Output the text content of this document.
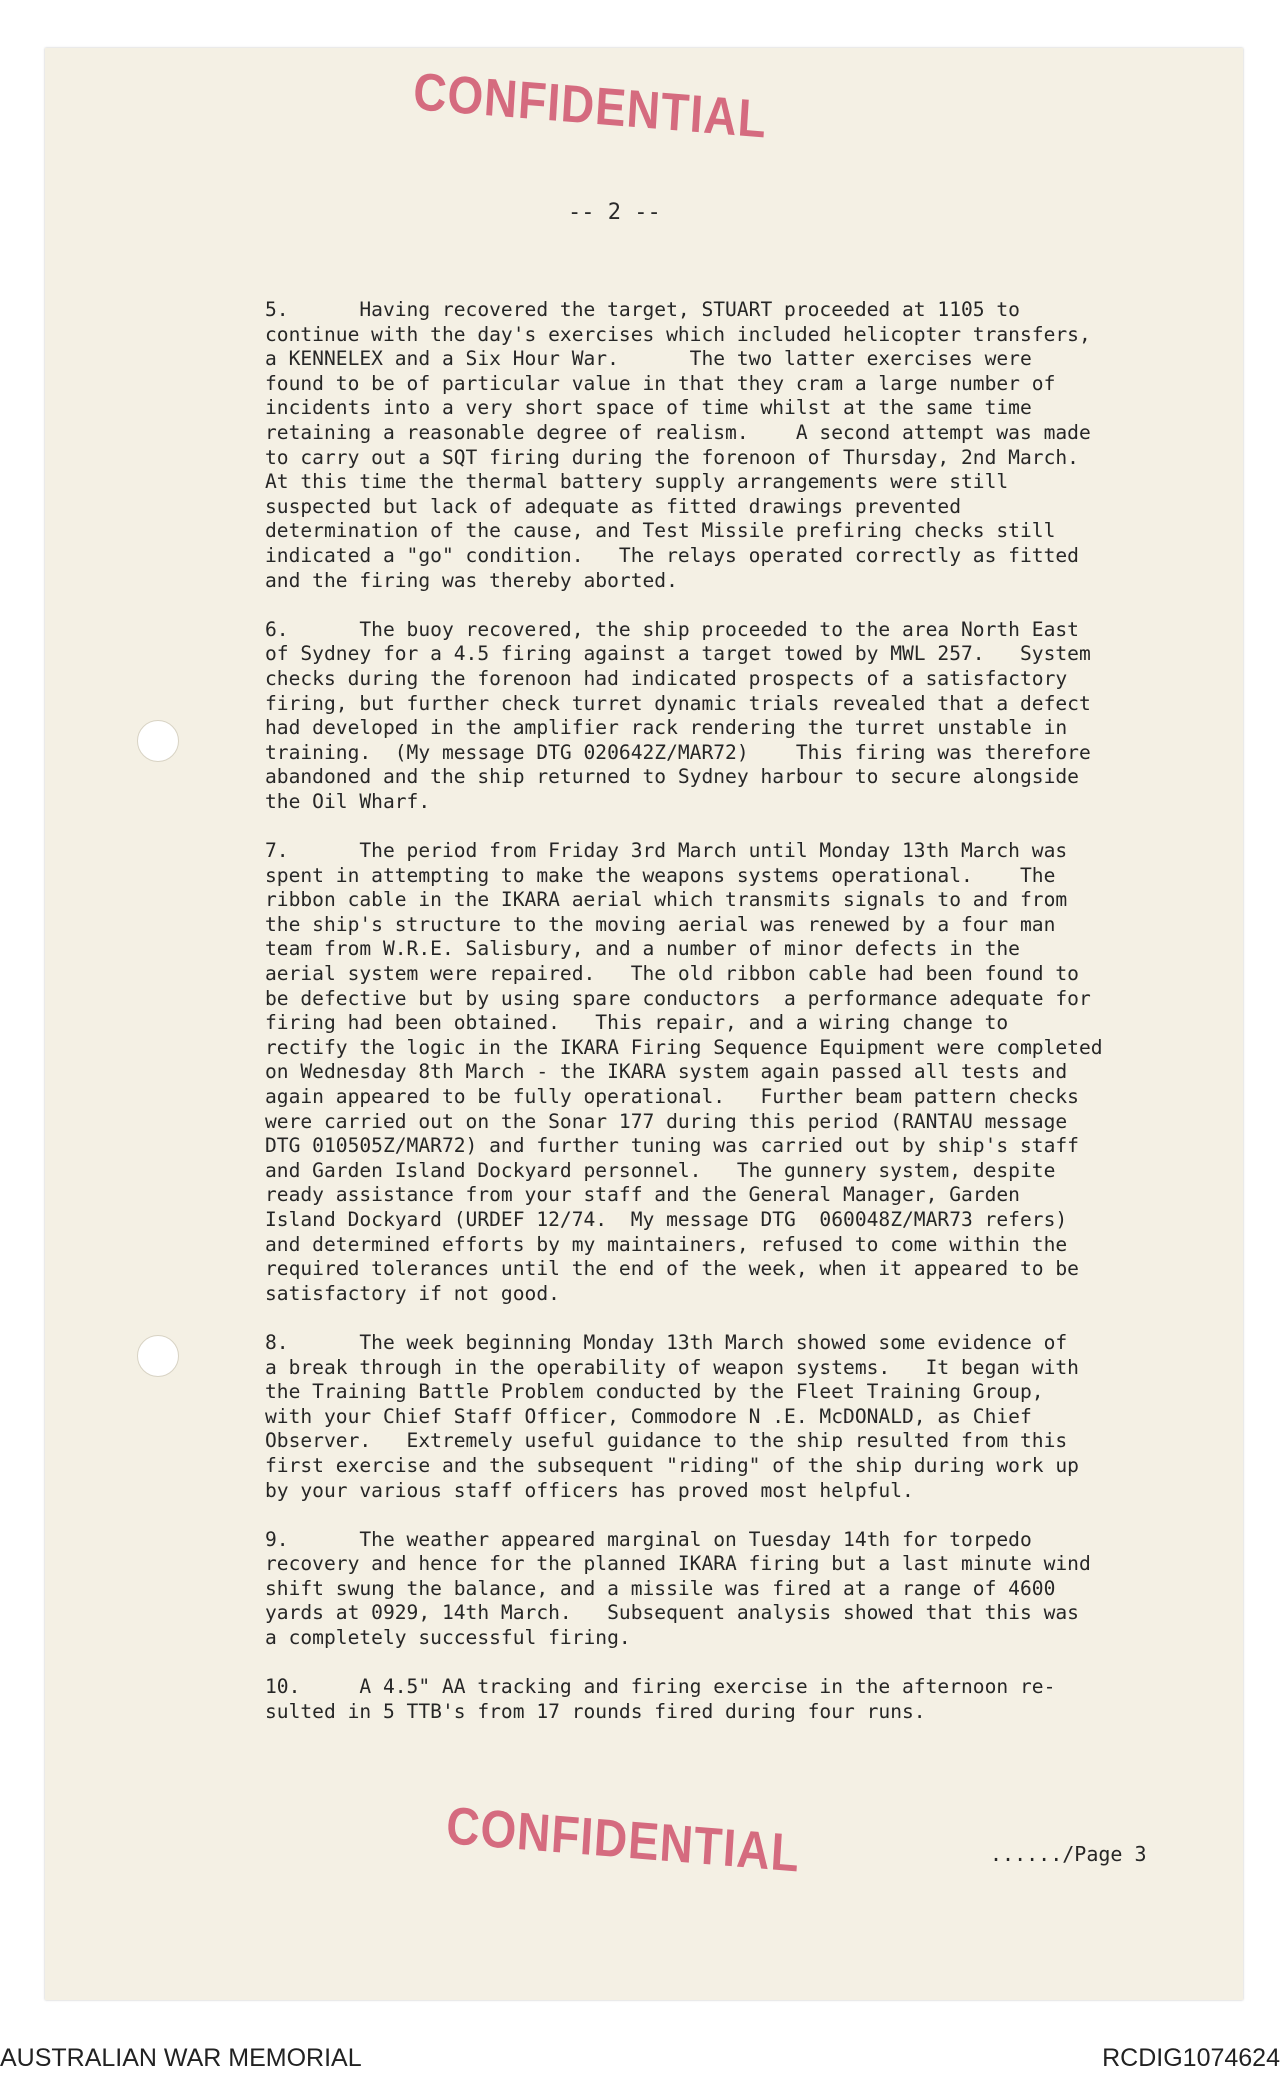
CONFIDENTIAL
-- 2 --
5.      Having recovered the target, STUART proceeded at 1105 to
continue with the day's exercises which included helicopter transfers,
a KENNELEX and a Six Hour War.      The two latter exercises were
found to be of particular value in that they cram a large number of
incidents into a very short space of time whilst at the same time
retaining a reasonable degree of realism.    A second attempt was made
to carry out a SQT firing during the forenoon of Thursday, 2nd March.
At this time the thermal battery supply arrangements were still
suspected but lack of adequate as fitted drawings prevented
determination of the cause, and Test Missile prefiring checks still
indicated a "go" condition.   The relays operated correctly as fitted
and the firing was thereby aborted.
6.      The buoy recovered, the ship proceeded to the area North East
of Sydney for a 4.5 firing against a target towed by MWL 257.   System
checks during the forenoon had indicated prospects of a satisfactory
firing, but further check turret dynamic trials revealed that a defect
had developed in the amplifier rack rendering the turret unstable in
training.  (My message DTG 020642Z/MAR72)    This firing was therefore
abandoned and the ship returned to Sydney harbour to secure alongside
the Oil Wharf.
7.      The period from Friday 3rd March until Monday 13th March was
spent in attempting to make the weapons systems operational.    The
ribbon cable in the IKARA aerial which transmits signals to and from
the ship's structure to the moving aerial was renewed by a four man
team from W.R.E. Salisbury, and a number of minor defects in the
aerial system were repaired.   The old ribbon cable had been found to
be defective but by using spare conductors  a performance adequate for
firing had been obtained.   This repair, and a wiring change to
rectify the logic in the IKARA Firing Sequence Equipment were completed
on Wednesday 8th March - the IKARA system again passed all tests and
again appeared to be fully operational.   Further beam pattern checks
were carried out on the Sonar 177 during this period (RANTAU message
DTG 010505Z/MAR72) and further tuning was carried out by ship's staff
and Garden Island Dockyard personnel.   The gunnery system, despite
ready assistance from your staff and the General Manager, Garden
Island Dockyard (URDEF 12/74.  My message DTG  060048Z/MAR73 refers)
and determined efforts by my maintainers, refused to come within the
required tolerances until the end of the week, when it appeared to be
satisfactory if not good.
8.      The week beginning Monday 13th March showed some evidence of
a break through in the operability of weapon systems.   It began with
the Training Battle Problem conducted by the Fleet Training Group,
with your Chief Staff Officer, Commodore N .E. McDONALD, as Chief
Observer.   Extremely useful guidance to the ship resulted from this
first exercise and the subsequent "riding" of the ship during work up
by your various staff officers has proved most helpful.
9.      The weather appeared marginal on Tuesday 14th for torpedo
recovery and hence for the planned IKARA firing but a last minute wind
shift swung the balance, and a missile was fired at a range of 4600
yards at 0929, 14th March.   Subsequent analysis showed that this was
a completely successful firing.
10.     A 4.5" AA tracking and firing exercise in the afternoon re-
sulted in 5 TTB's from 17 rounds fired during four runs.
CONFIDENTIAL	....../Page 3
AUSTRALIAN WAR MEMORIAL	RCDIG1074624
